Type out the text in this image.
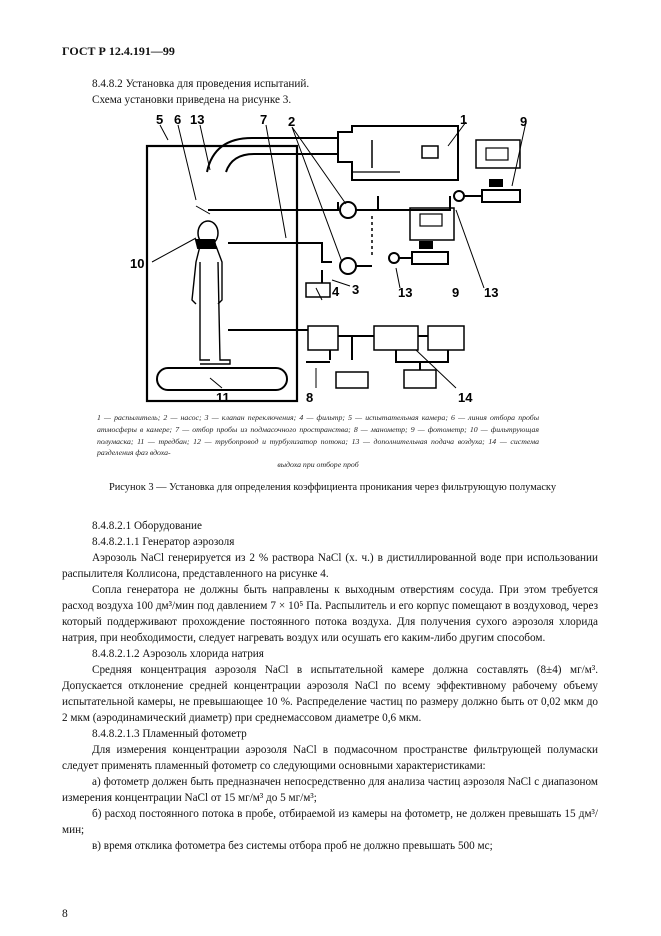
ГОСТ Р 12.4.191—99
8.4.8.2 Установка для проведения испытаний.
Схема установки приведена на рисунке 3.
5 6 13	7 2	1	9
10
4 3	13	9 13
8
11	14
1 — распылитель; 2 — насос; 3 — клапан переключения; 4 — фильтр; 5 — испытательная камера; 6 — линия отбора пробы атмосферы в камере; 7 — отбор пробы из подмасочного пространства; 8 — манометр; 9 — фотометр; 10 — фильтрующая полумаска; 11 — тредбан; 12 — трубопровод и турбулизатор потока; 13 — дополнительная подача воздуха; 14 — система разделения фаз вдоха-
выдоха при отборе проб
Рисунок 3 — Установка для определения коэффициента проникания через фильтрующую полумаску

8.4.8.2.1 Оборудование

8.4.8.2.1.1 Генератор аэрозоля

Аэрозоль NaCl генерируется из 2 % раствора NaCl (х. ч.) в дистиллированной воде при использовании распылителя Коллисона, представленного на рисунке 4.

Сопла генератора не должны быть направлены к выходным отверстиям сосуда. При этом требуется расход воздуха 100 дм³/мин под давлением 7 × 10⁵ Па. Распылитель и его корпус помещают в воздуховод, через который поддерживают прохождение постоянного потока воздуха. Для получения сухого аэрозоля хлорида натрия, при необходимости, следует нагревать воздух или осушать его каким-либо другим способом.

8.4.8.2.1.2 Аэрозоль хлорида натрия

Средняя концентрация аэрозоля NaCl в испытательной камере должна составлять (8±4) мг/м³. Допускается отклонение средней концентрации аэрозоля NaCl по всему эффективному рабочему объему испытательной камеры, не превышающее 10 %. Распределение частиц по размеру должно быть от 0,02 мкм до 2 мкм (аэродинамический диаметр) при среднемассовом диаметре 0,6 мкм.

8.4.8.2.1.3 Пламенный фотометр

Для измерения концентрации аэрозоля NaCl в подмасочном пространстве фильтрующей полумаски следует применять пламенный фотометр со следующими основными характеристиками:

а) фотометр должен быть предназначен непосредственно для анализа частиц аэрозоля NaCl с диапазоном измерения концентрации NaCl от 15 мг/м³ до 5 мг/м³;

б) расход постоянного потока в пробе, отбираемой из камеры на фотометр, не должен превышать 15 дм³/мин;

в) время отклика фотометра без системы отбора проб не должно превышать 500 мс;

8
